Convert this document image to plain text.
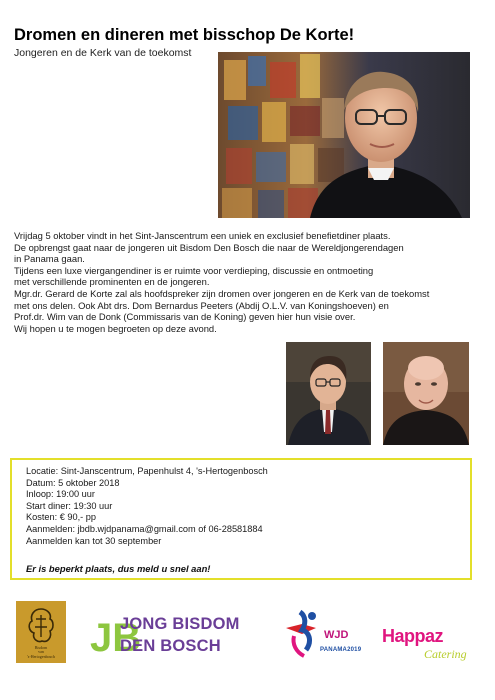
Dromen en dineren met bisschop De Korte!
Jongeren en de Kerk van de toekomst

Vrijdag 5 oktober vindt in het Sint-Janscentrum een uniek en exclusief benefietdiner plaats.

De opbrengst gaat naar de jongeren uit Bisdom Den Bosch die naar de Wereldjongerendagen

in Panama gaan.

Tijdens een luxe viergangendiner is er ruimte voor verdieping, discussie en ontmoeting

met verschillende prominenten en de jongeren.

Mgr.dr. Gerard de Korte zal als hoofdspreker zijn dromen over jongeren en de Kerk van de toekomst

met ons delen. Ook Abt drs. Dom Bernardus Peeters (Abdij O.L.V. van Koningshoeven) en

Prof.dr. Wim van de Donk (Commissaris van de Koning) geven hier hun visie over.

Wij hopen u te mogen begroeten op deze avond.

Locatie: Sint-Janscentrum, Papenhulst 4, 's-Hertogenbosch
Datum: 5 oktober 2018
Inloop: 19:00 uur
Start diner: 19:30 uur
Kosten: € 90,- pp
Aanmelden: jbdb.wjdpanama@gmail.com of 06-28581884
Aanmelden kan tot 30 september
Er is beperkt plaats, dus meld u snel aan!
Bisdom
van
's-Hertogenbosch JB
JONG BISDOM
DEN BOSCH
WJD
PANAMA2019
Happaz
Catering
